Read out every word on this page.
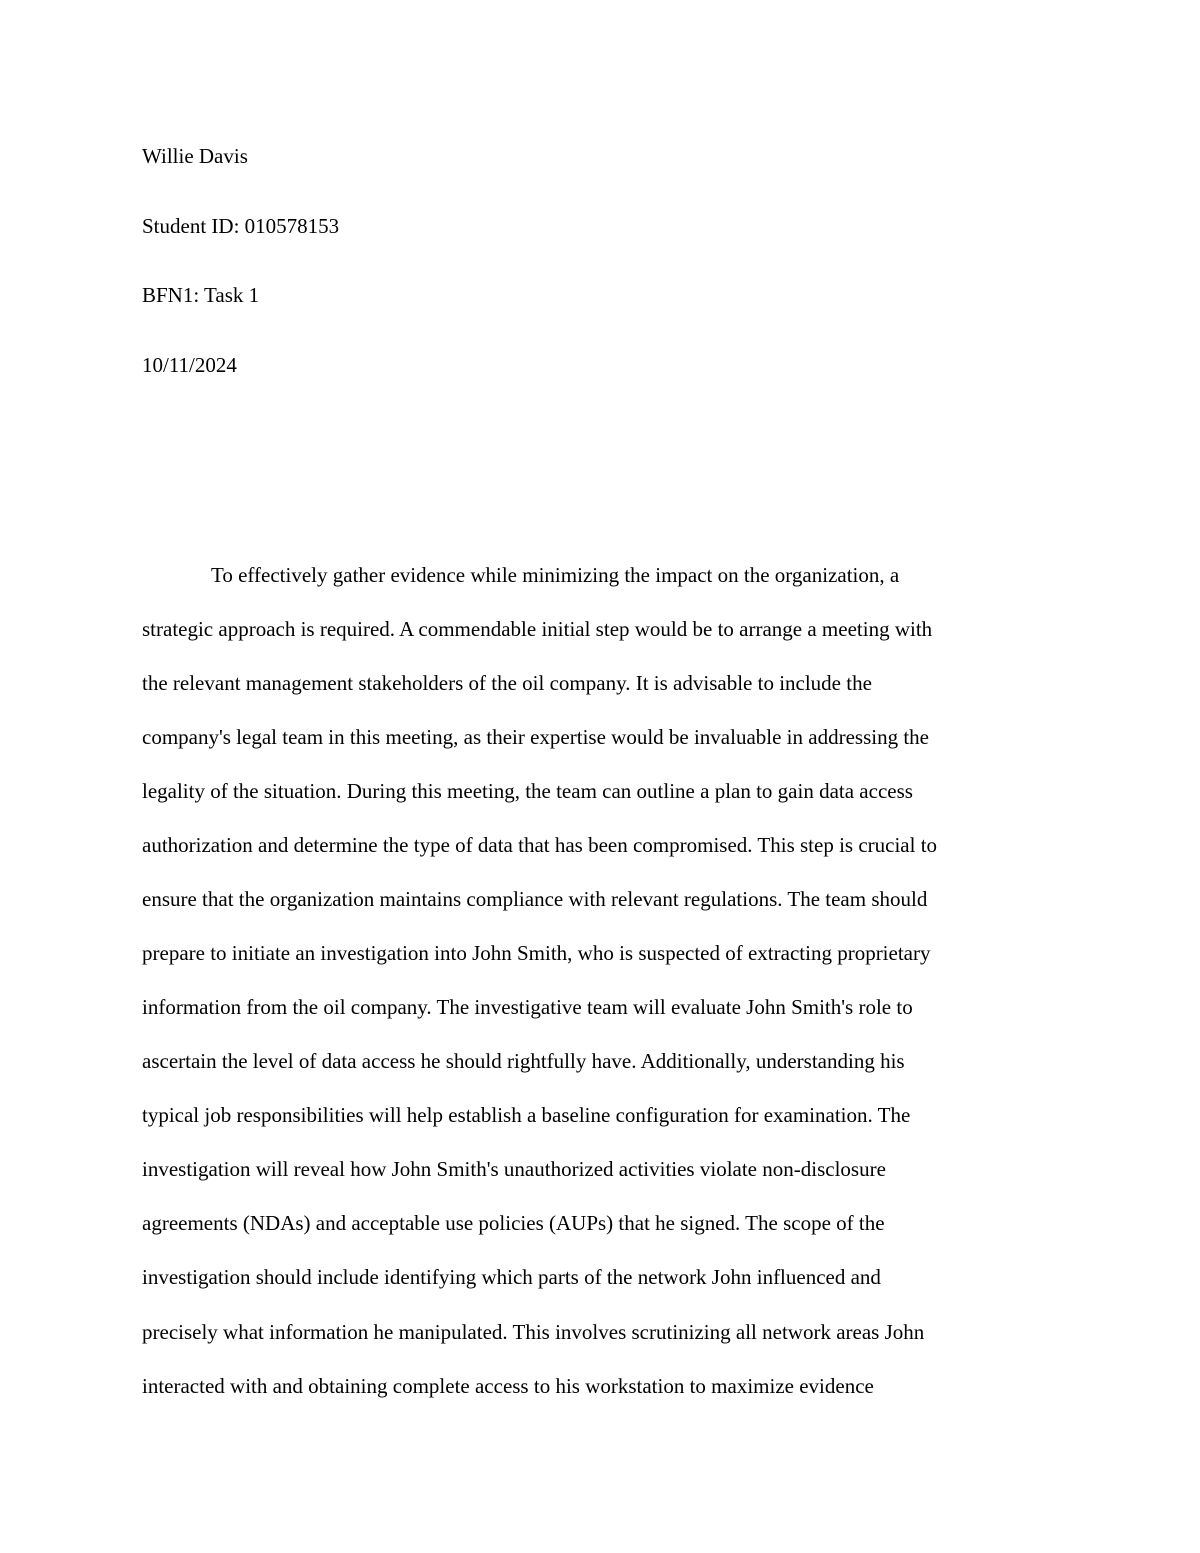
Willie Davis
Student ID: 010578153
BFN1: Task 1
10/11/2024
To effectively gather evidence while minimizing the impact on the organization, a
strategic approach is required. A commendable initial step would be to arrange a meeting with
the relevant management stakeholders of the oil company. It is advisable to include the
company's legal team in this meeting, as their expertise would be invaluable in addressing the
legality of the situation. During this meeting, the team can outline a plan to gain data access
authorization and determine the type of data that has been compromised. This step is crucial to
ensure that the organization maintains compliance with relevant regulations. The team should
prepare to initiate an investigation into John Smith, who is suspected of extracting proprietary
information from the oil company. The investigative team will evaluate John Smith's role to
ascertain the level of data access he should rightfully have. Additionally, understanding his
typical job responsibilities will help establish a baseline configuration for examination. The
investigation will reveal how John Smith's unauthorized activities violate non-disclosure
agreements (NDAs) and acceptable use policies (AUPs) that he signed. The scope of the
investigation should include identifying which parts of the network John influenced and
precisely what information he manipulated. This involves scrutinizing all network areas John
interacted with and obtaining complete access to his workstation to maximize evidence
